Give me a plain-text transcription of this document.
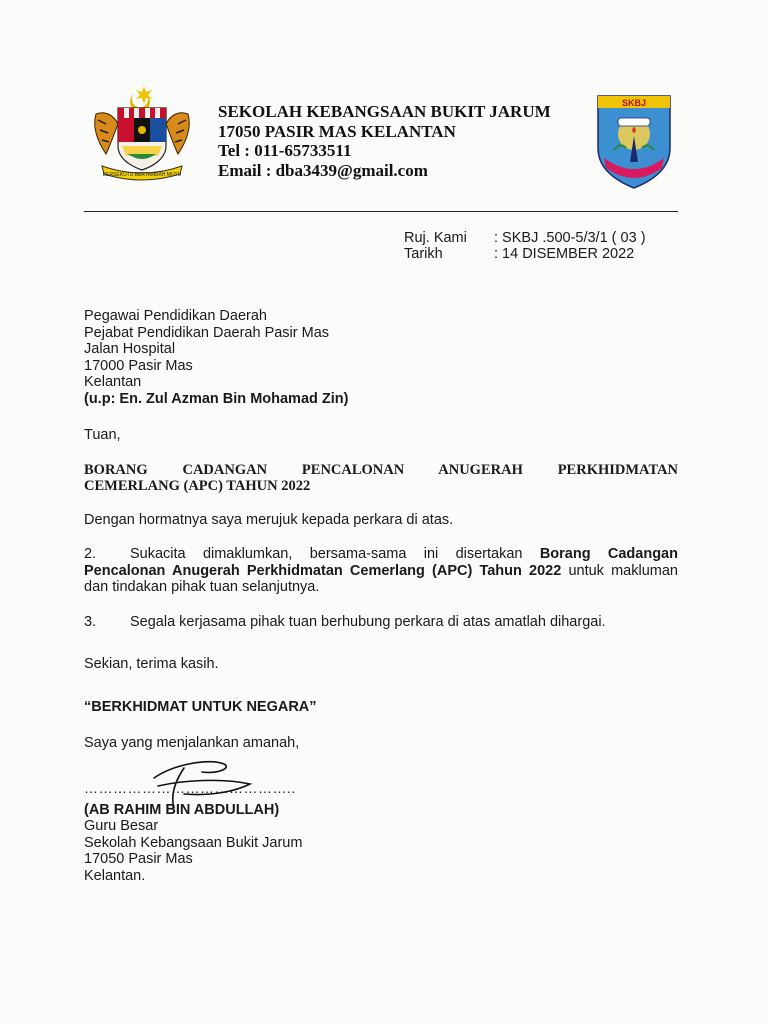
BERSEKUTU BERTAMBAH MUTU
SEKOLAH KEBANGSAAN BUKIT JARUM
17050 PASIR MAS KELANTAN
Tel : 011-65733511
Email : dba3439@gmail.com
SKBJ
Ruj. Kami	: SKBJ .500-5/3/1 ( 03 )
Tarikh	: 14 DISEMBER 2022
Pegawai Pendidikan Daerah
Pejabat Pendidikan Daerah Pasir Mas
Jalan Hospital
17000 Pasir Mas
Kelantan
(u.p: En. Zul Azman Bin Mohamad Zin)
Tuan,
BORANG CADANGAN PENCALONAN ANUGERAH PERKHIDMATAN
CEMERLANG (APC) TAHUN 2022
Dengan hormatnya saya merujuk kepada perkara di atas.
2. Sukacita dimaklumkan, bersama-sama ini disertakan Borang Cadangan Pencalonan Anugerah Perkhidmatan Cemerlang (APC) Tahun 2022 untuk makluman dan tindakan pihak tuan selanjutnya.
3. Segala kerjasama pihak tuan berhubung perkara di atas amatlah dihargai.
Sekian, terima kasih.
“BERKHIDMAT UNTUK NEGARA”
Saya yang menjalankan amanah,
……………………………………..
(AB RAHIM BIN ABDULLAH)
Guru Besar
Sekolah Kebangsaan Bukit Jarum
17050 Pasir Mas
Kelantan.
